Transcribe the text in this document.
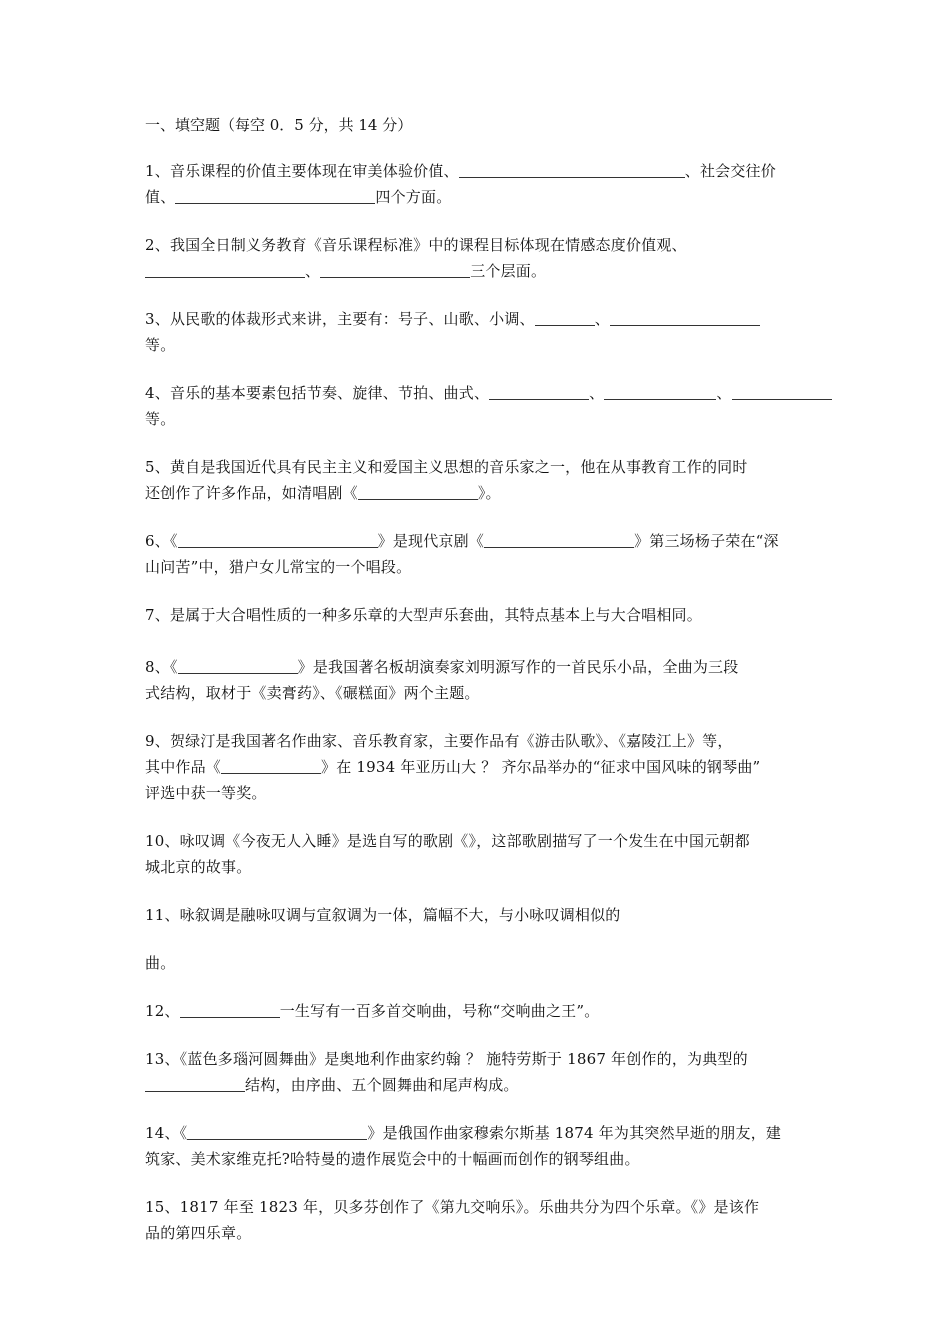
一、填空题（每空 0．5 分，共 14 分）
1、音乐课程的价值主要体现在审美体验价值、	、社会交往价
值、	四个方面。
2、我国全日制义务教育《音乐课程标准》中的课程目标体现在情感态度价值观、
、	三个层面。
3、从民歌的体裁形式来讲，主要有：号子、山歌、小调、	、
等。
4、音乐的基本要素包括节奏、旋律、节拍、曲式、	、	、
等。
5、黄自是我国近代具有民主主义和爱国主义思想的音乐家之一，他在从事教育工作的同时
还创作了许多作品，如清唱剧《	》。
6、《	》是现代京剧《	》第三场杨子荣在“深
山问苦”中，猎户女儿常宝的一个唱段。
7、是属于大合唱性质的一种多乐章的大型声乐套曲，其特点基本上与大合唱相同。
8、《	》是我国著名板胡演奏家刘明源写作的一首民乐小品，全曲为三段
式结构，取材于《卖膏药》、《碾糕面》两个主题。
9、贺绿汀是我国著名作曲家、音乐教育家，主要作品有《游击队歌》、《嘉陵江上》等，
其中作品《	》在 1934 年亚历山大 ？ 齐尔品举办的“征求中国风味的钢琴曲”
评选中获一等奖。
10、咏叹调《今夜无人入睡》是选自写的歌剧《》，这部歌剧描写了一个发生在中国元朝都
城北京的故事。
11、咏叙调是融咏叹调与宣叙调为一体，篇幅不大，与小咏叹调相似的
曲。
12、	一生写有一百多首交响曲，号称“交响曲之王”。
13、《蓝色多瑙河圆舞曲》是奥地利作曲家约翰 ？ 施特劳斯于 1867 年创作的，为典型的
结构，由序曲、五个圆舞曲和尾声构成。
14、《	》是俄国作曲家穆索尔斯基 1874 年为其突然早逝的朋友，建
筑家、美术家维克托?哈特曼的遗作展览会中的十幅画而创作的钢琴组曲。
15、1817 年至 1823 年，贝多芬创作了《第九交响乐》。乐曲共分为四个乐章。《》是该作
品的第四乐章。
